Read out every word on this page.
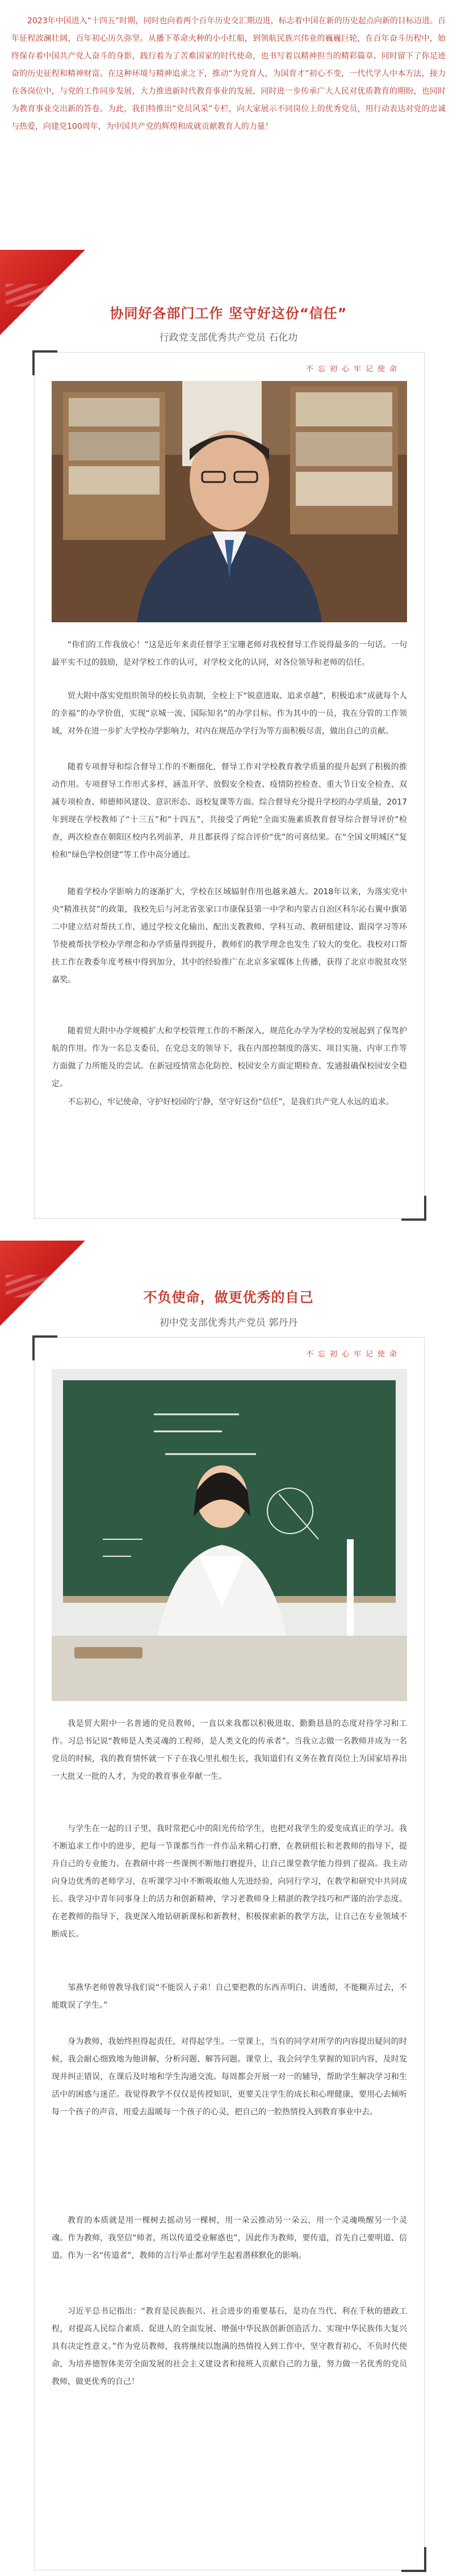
2023年中国进入“十四五”时期，同时也向着两个百年历史交汇期迈进，标志着中国在新的历史起点向新的目标迈进。百年征程波澜壮阔，百年初心历久弥坚。从播下革命火种的小小红船，到领航民族兴伟业的巍巍巨轮，在百年奋斗历程中，始终保存着中国共产党人奋斗的身影，践行着为了苦难国家的时代使命，也书写着以精神担当的精彩篇章。同时留下了你足迹奋的历史征程和精神财富。在这种环境与精神追求之下，推动“为党育人，为国育才”初心不变，一代代学人中本方法，接力在各岗位中，与党的工作同步发展，大力推进新时代教育事业的发展，同时进一步传承广大人民对优质教育的期盼，也同时为教育事业交出新的答卷。为此，我们特推出“党员风采”专栏，向大家展示不同岗位上的优秀党员，用行动表达对党的忠诚与热爱，向建党100周年，为中国共产党的辉煌和成就贡献教育人的力量！

协同好各部门工作 坚守好这份“信任”
行政党支部优秀共产党员 石化功
不忘初心牢记使命

“你们的工作我放心！”这是近年来责任督学王宝珊老师对我校督导工作说得最多的一句话。一句最平实不过的鼓励，是对学校工作的认可，对学校文化的认同，对各位领导和老师的信任。

贸大附中落实党组织领导的校长负责制，全校上下“锐意进取、追求卓越”，积极追求“成就每个人的幸福”的办学价值，实现“京城一流、国际知名”的办学目标。作为其中的一员，我在分管的工作领域，对外在进一步扩大学校办学影响力，对内在规范办学行为等方面积极尽责，做出自己的贡献。

随着专项督导和综合督导工作的不断细化，督导工作对学校教育教学质量的提升起到了积极的推动作用。专项督导工作形式多样，涵盖开学、放假安全检查、疫情防控检查、重大节日安全检查、双减专项检查、师德师风建设、意识形态、返校复课等方面。综合督导充分提升学校的办学质量，2017年到现在学校教师了“十三五”和“十四五”，共接受了两轮“全面实施素质教育督导综合督导评价”检查，两次检查在朝阳区校内名列前茅，并且都获得了综合评价“优”的可喜结果。在“全国文明城区”复检和“绿色学校创建”等工作中高分通过。

随着学校办学影响力的逐渐扩大，学校在区域辐射作用也越来越大。2018年以来，为落实党中央“精准扶贫”的政策，我校先后与河北省张家口市康保县第一中学和内蒙古自治区科尔沁右翼中旗第二中建立结对帮扶工作，通过学校文化输出、配出支教教师、学科互动、教研组建设、跟岗学习等环节使被帮扶学校办学理念和办学质量得到提升，教师们的教学理念也发生了较大的变化。我校对口帮扶工作在教委年度考核中得到加分，其中的经验推广在北京多家媒体上传播，获得了北京市脱贫攻坚嘉奖。

随着贸大附中办学规模扩大和学校管理工作的不断深入，规范化办学为学校的发展起到了保驾护航的作用。作为一名总支委员，在党总支的领导下，我在内部控制度的落实、项目实施、内审工作等方面做了力所能及的尝试。在新冠疫情常态化防控、校园安全方面定期检查、发通报确保校园安全稳定。

不忘初心，牢记使命，守护好校园的宁静，坚守好这份“信任”，是我们共产党人永远的追求。

不负使命，做更优秀的自己
初中党支部优秀共产党员 郭丹丹
不忘初心牢记使命

我是贸大附中一名普通的党员教师，一直以来我都以积极进取、勤勤恳恳的态度对待学习和工作。习总书记说“教师是人类灵魂的工程师，是人类文化的传承者”。当我立志做一名教师并成为一名党员的时候，我的教育情怀就一下子在我心里扎根生长，我知道们有义务在教育岗位上为国家培养出一大批又一批的人才，为党的教育事业奉献一生。

与学生在一起的日子里，我时常把心中的阳光传给学生，也把对我学生的爱变成真正的学习。我不断追求工作中的进步，把每一节课都当作一件作品来精心打磨，在教研组长和老教师的指导下，提升自己的专业能力。在教研中将一些课例不断地打磨提升，让自己课堂教学能力得到了提高。我主动向身边优秀的老师学习，在听课学习中不断吸取他人先进经验，向同行学习，在教学和研究中共同成长。我学习中青年同事身上的活力和创新精神，学习老教师身上精湛的教学技巧和严谨的治学态度。在老教师的指导下，我更深入地钻研新课标和新教材，积极探索新的教学方法，让自己在专业领域不断成长。

邹燕华老师曾教导我们说“不能误人子弟！自己要把教的东西弄明白、讲透彻，不能糊弄过去，不能耽误了学生。”

身为教师，我始终担得起责任，对得起学生。一堂课上，当有的同学对所学的内容提出疑问的时候，我会耐心细致地为他讲解，分析问题、解答问题。课堂上，我会问学生掌握的知识内容，及时发现并纠正错误，在课后及时地和学生沟通交流。每周都会开展一对一的辅导，帮助学生解决学习和生活中的困惑与迷茫。我觉得教学不仅仅是传授知识，更要关注学生的成长和心理健康，要用心去倾听每一个孩子的声音，用爱去温暖每一个孩子的心灵，把自己的一腔热情投入到教育事业中去。

教育的本质就是用一棵树去摇动另一棵树，用一朵云推动另一朵云，用一个灵魂唤醒另一个灵魂。作为教师，我坚信“师者，所以传道受业解惑也”，因此作为教师，要传道，首先自己要明道、信道。作为一名“传道者”，教师的言行举止都对学生起着潜移默化的影响。

习近平总书记指出：“教育是民族振兴、社会进步的重要基石，是功在当代、利在千秋的德政工程，对提高人民综合素质、促进人的全面发展、增强中华民族创新创造活力、实现中华民族伟大复兴具有决定性意义。”作为党员教师，我将继续以饱满的热情投入到工作中，坚守教育初心，不负时代使命，为培养德智体美劳全面发展的社会主义建设者和接班人贡献自己的力量，努力做一名优秀的党员教师，做更优秀的自己！
